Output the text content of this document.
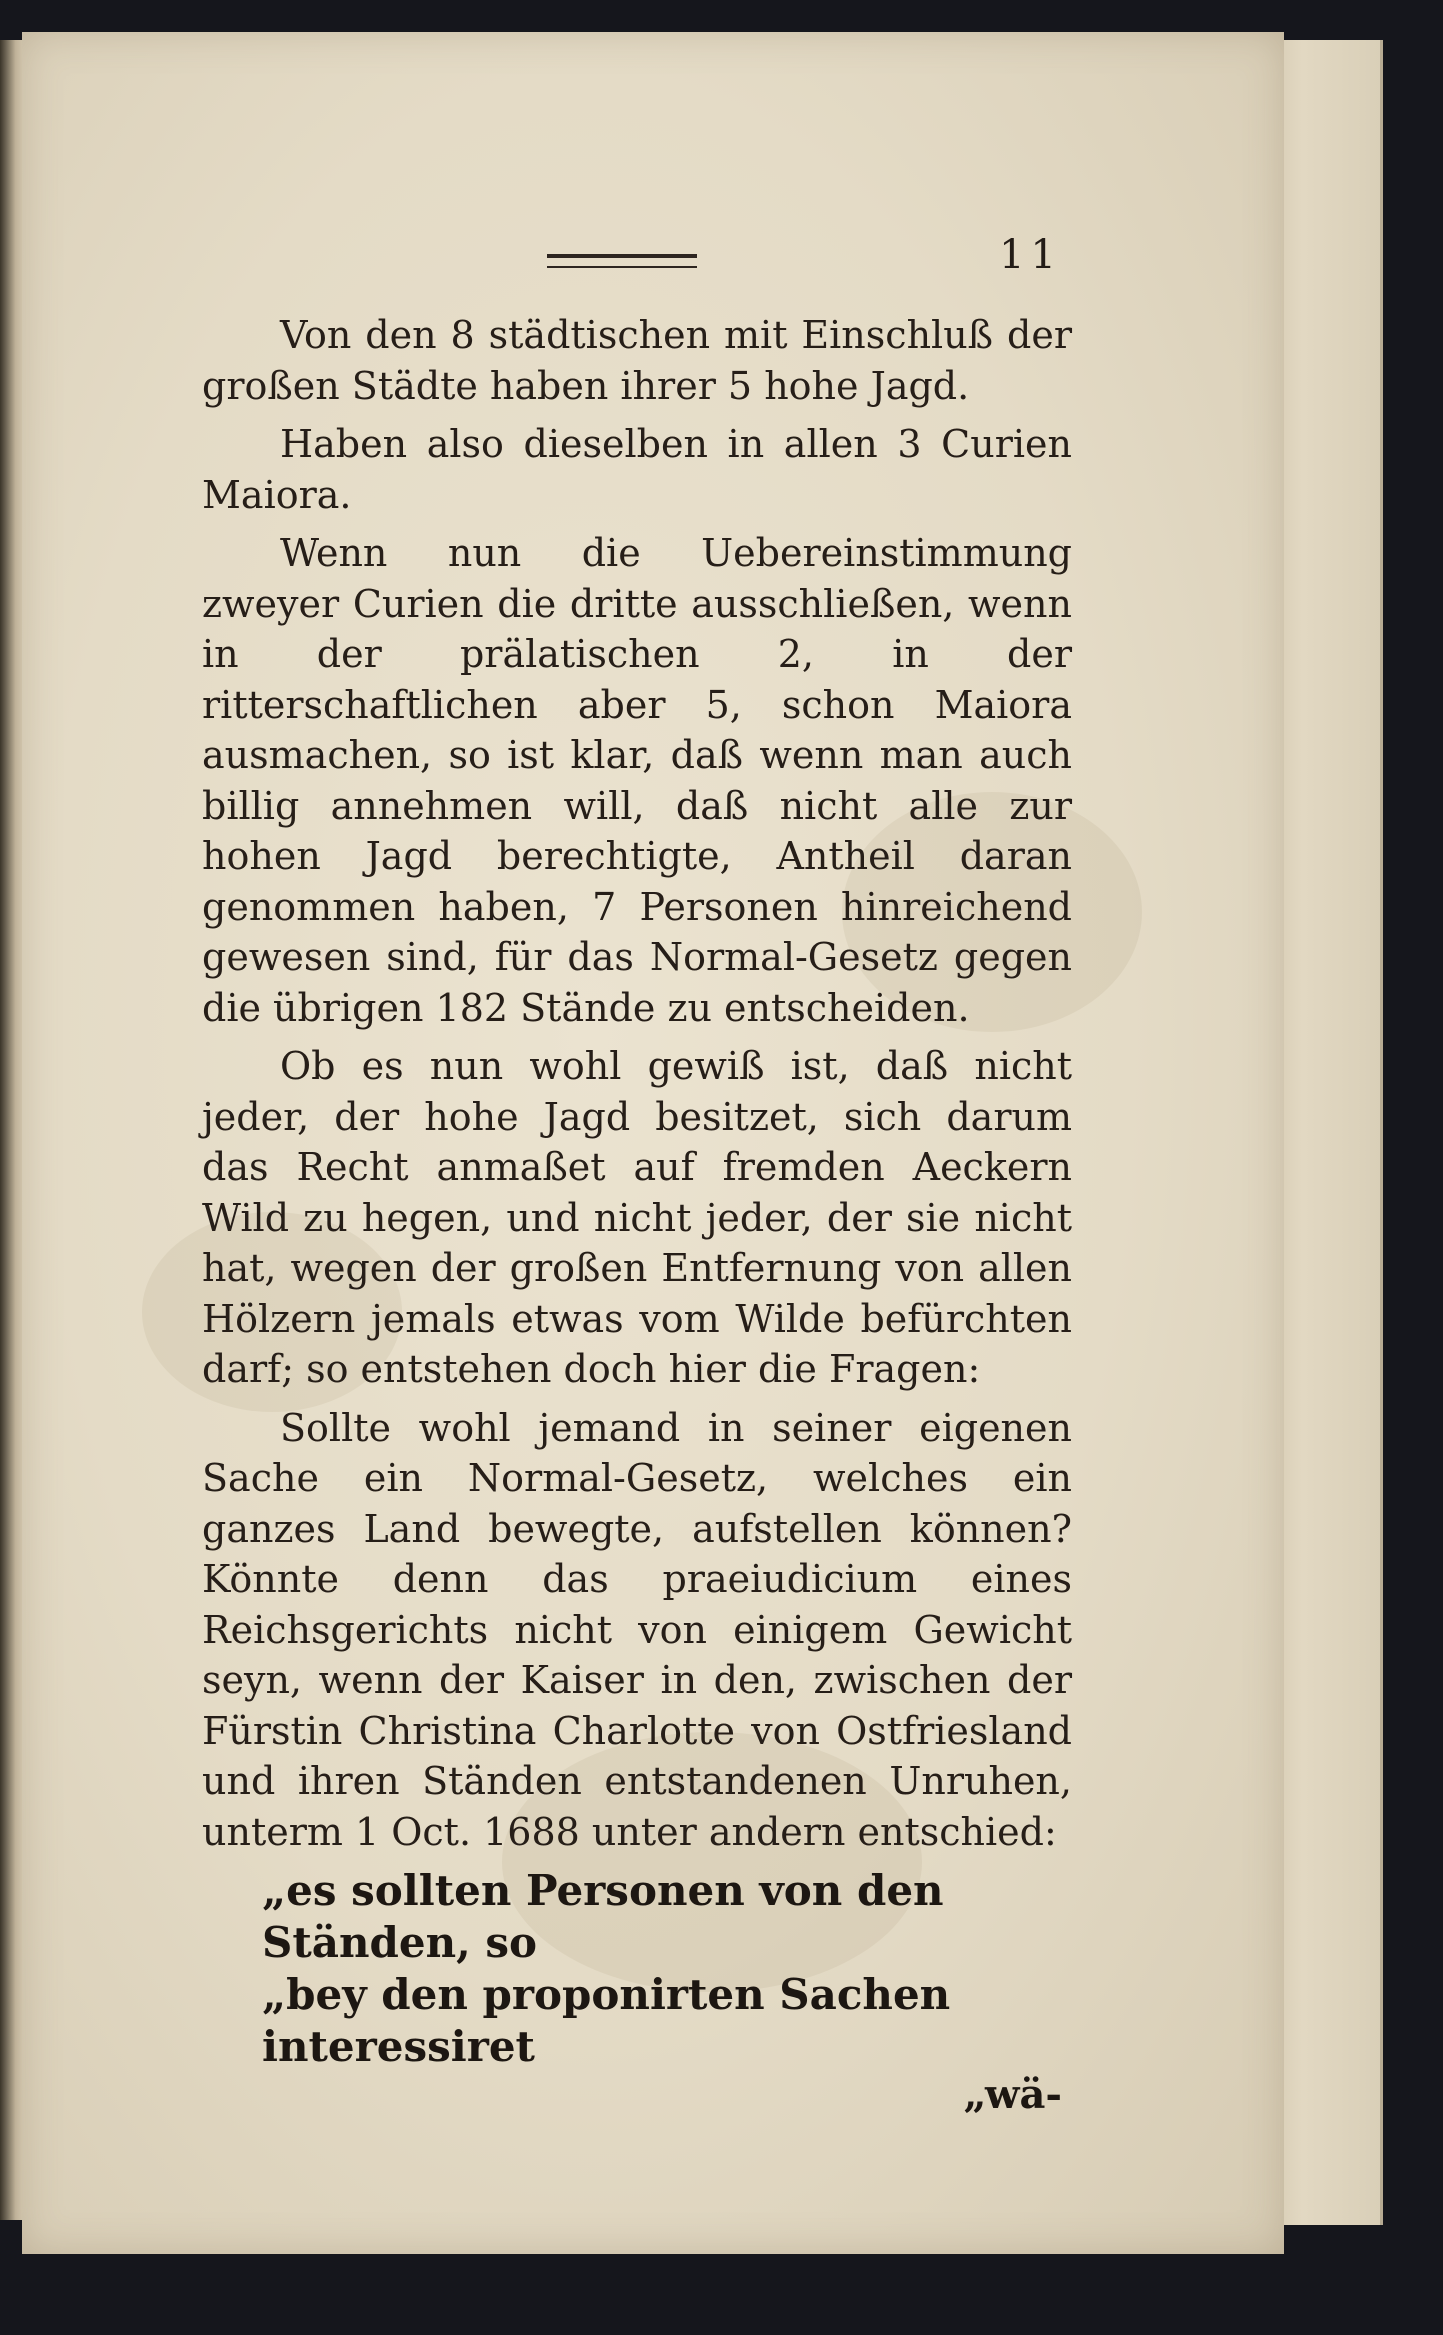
11

Von den 8 städtischen mit Einschluß der großen Städte haben ihrer 5 hohe Jagd.

Haben also dieselben in allen 3 Curien Maiora.

Wenn nun die Uebereinstimmung zweyer Curien die dritte ausschließen, wenn in der prälatischen 2, in der ritterschaftlichen aber 5, schon Maiora ausmachen, so ist klar, daß wenn man auch billig annehmen will, daß nicht alle zur hohen Jagd berechtigte, Antheil daran genommen haben, 7 Personen hinreichend gewesen sind, für das Normal-Gesetz gegen die übrigen 182 Stände zu entscheiden.

Ob es nun wohl gewiß ist, daß nicht jeder, der hohe Jagd besitzet, sich darum das Recht anmaßet auf fremden Aeckern Wild zu hegen, und nicht jeder, der sie nicht hat, wegen der großen Entfernung von allen Hölzern jemals etwas vom Wilde befürchten darf; so entstehen doch hier die Fragen:

Sollte wohl jemand in seiner eigenen Sache ein Normal-Gesetz, welches ein ganzes Land bewegte, aufstellen können? Könnte denn das praeiudicium eines Reichsgerichts nicht von einigem Gewicht seyn, wenn der Kaiser in den, zwischen der Fürstin Christina Charlotte von Ostfriesland und ihren Ständen entstandenen Unruhen, unterm 1 Oct. 1688 unter andern entschied:

„es sollten Personen von den Ständen, so

„bey den proponirten Sachen interessiret

„wä-
